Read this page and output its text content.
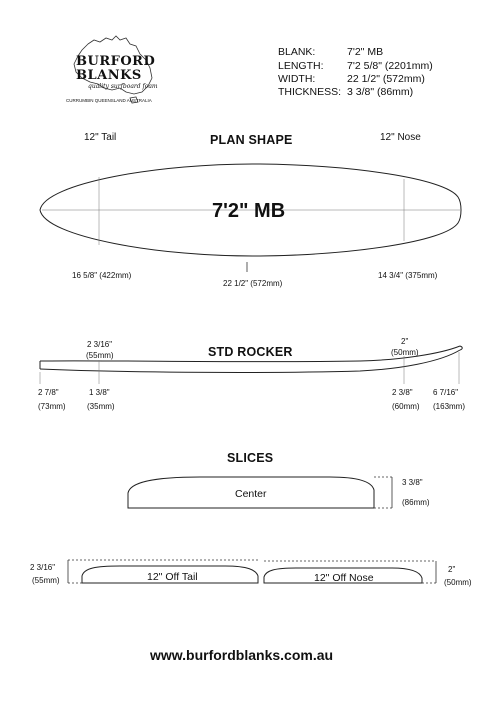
BURFORD
BLANKS
quality surfboard foam
CURRUMBIN QUEENSLAND AUSTRALIA
BLANK:	7'2" MB
LENGTH: 7'2 5/8" (2201mm)
WIDTH:	22 1/2" (572mm)
THICKNESS: 3 3/8" (86mm)
12" Tail	PLAN SHAPE	12" Nose
7'2" MB
16 5/8" (422mm)
22 1/2" (572mm)
14 3/4" (375mm)
STD ROCKER
2 3/16"
(55mm)
2"
(50mm)
2 7/8"
(73mm)
1 3/8"
(35mm)
2 3/8"
(60mm)
6 7/16"
(163mm)
SLICES
Center
3 3/8"
(86mm)
12" Off Tail
2 3/16"
(55mm)	12" Off Nose
2"
(50mm)
www.burfordblanks.com.au
